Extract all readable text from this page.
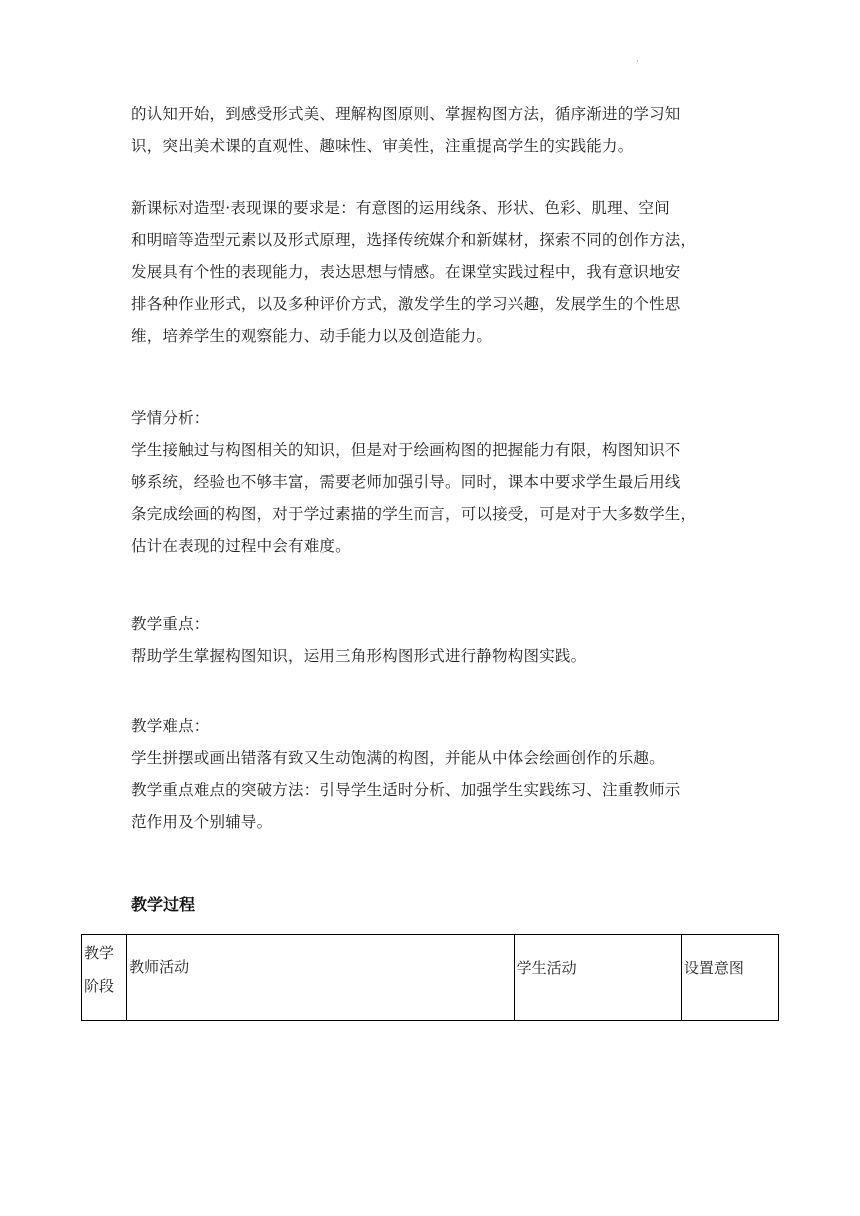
·
的认知开始，到感受形式美、理解构图原则、掌握构图方法，循序渐进的学习知
识，突出美术课的直观性、趣味性、审美性，注重提高学生的实践能力。
新课标对造型·表现课的要求是：有意图的运用线条、形状、色彩、肌理、空间
和明暗等造型元素以及形式原理，选择传统媒介和新媒材，探索不同的创作方法，
发展具有个性的表现能力，表达思想与情感。在课堂实践过程中，我有意识地安
排各种作业形式，以及多种评价方式，激发学生的学习兴趣，发展学生的个性思
维，培养学生的观察能力、动手能力以及创造能力。
学情分析：
学生接触过与构图相关的知识，但是对于绘画构图的把握能力有限，构图知识不
够系统，经验也不够丰富，需要老师加强引导。同时，课本中要求学生最后用线
条完成绘画的构图，对于学过素描的学生而言，可以接受，可是对于大多数学生，
估计在表现的过程中会有难度。
教学重点：
帮助学生掌握构图知识，运用三角形构图形式进行静物构图实践。
教学难点：
学生拼摆或画出错落有致又生动饱满的构图，并能从中体会绘画创作的乐趣。
教学重点难点的突破方法：引导学生适时分析、加强学生实践练习、注重教师示
范作用及个别辅导。
教学过程
教学
阶段
	教师活动	学生活动	设置意图
